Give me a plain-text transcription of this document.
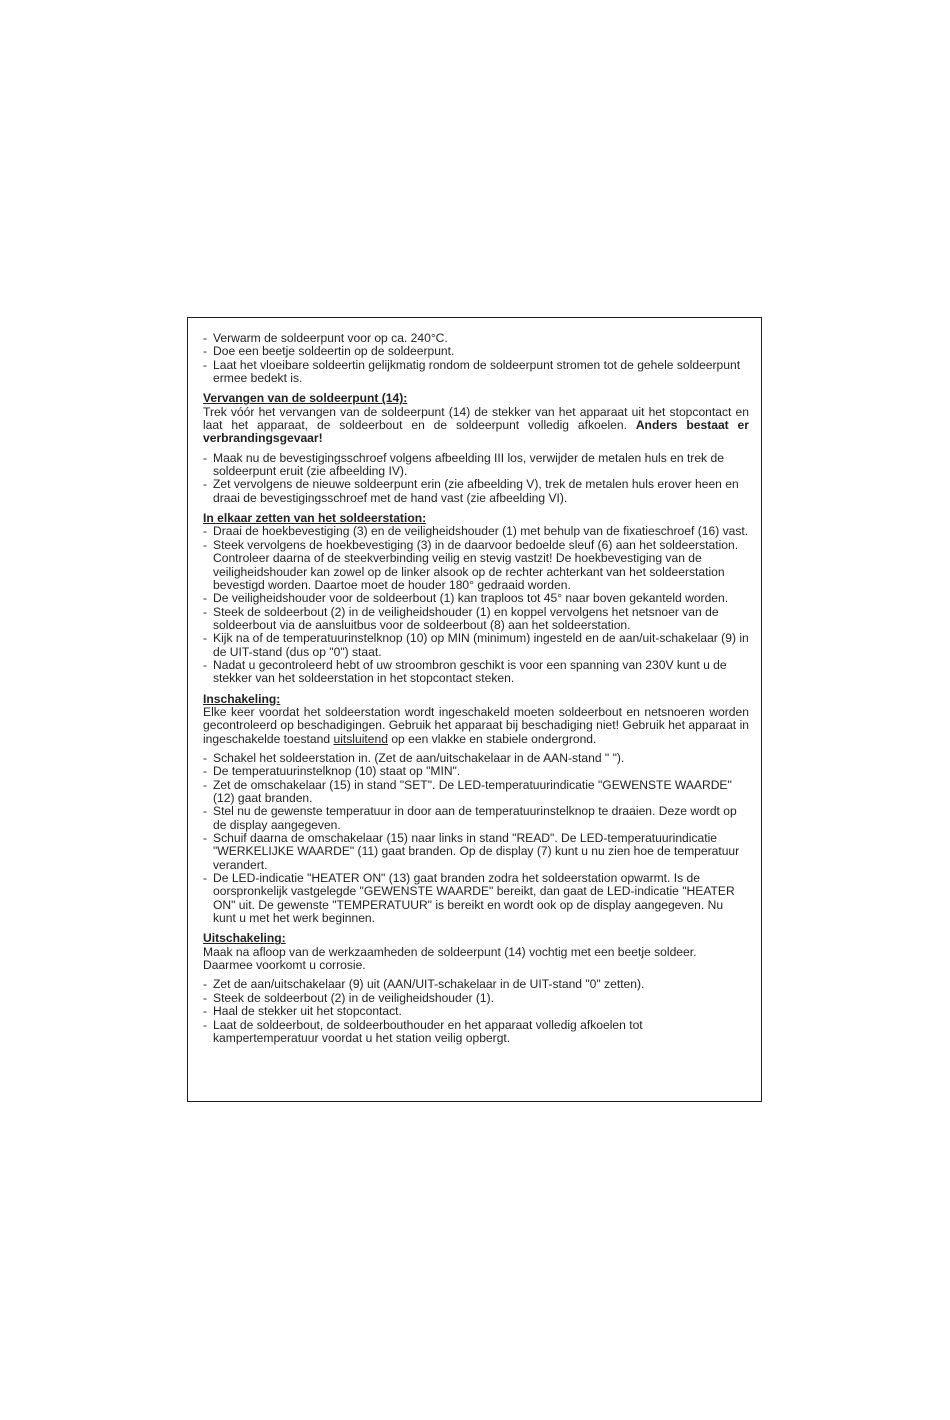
- Verwarm de soldeerpunt voor op ca. 240°C.
- Doe een beetje soldeertin op de soldeerpunt.
- Laat het vloeibare soldeertin gelijkmatig rondom de soldeerpunt stromen tot de gehele soldeerpunt ermee bedekt is.

Vervangen van de soldeerpunt (14):

Trek vóór het vervangen van de soldeerpunt (14) de stekker van het apparaat uit het stopcontact en laat het apparaat, de soldeerbout en de soldeerpunt volledig afkoelen. Anders bestaat er verbrandingsgevaar!

- Maak nu de bevestigingsschroef volgens afbeelding III los, verwijder de metalen huls en trek de soldeerpunt eruit (zie afbeelding IV).
- Zet vervolgens de nieuwe soldeerpunt erin (zie afbeelding V), trek de metalen huls erover heen en draai de bevestigingsschroef met de hand vast (zie afbeelding VI).

In elkaar zetten van het soldeerstation:

- Draai de hoekbevestiging (3) en de veiligheidshouder (1) met behulp van de fixatieschroef (16) vast.
- Steek vervolgens de hoekbevestiging (3) in de daarvoor bedoelde sleuf (6) aan het soldeerstation. Controleer daarna of de steekverbinding veilig en stevig vastzit! De hoekbevestiging van de veiligheidshouder kan zowel op de linker alsook op de rechter achterkant van het soldeerstation bevestigd worden. Daartoe moet de houder 180° gedraaid worden.
- De veiligheidshouder voor de soldeerbout (1) kan traploos tot 45° naar boven gekanteld worden.
- Steek de soldeerbout (2) in de veiligheidshouder (1) en koppel vervolgens het netsnoer van de soldeerbout via de aansluitbus voor de soldeerbout (8) aan het soldeerstation.
- Kijk na of de temperatuurinstelknop (10) op MIN (minimum) ingesteld en de aan/uit-schakelaar (9) in de UIT-stand (dus op "0") staat.
- Nadat u gecontroleerd hebt of uw stroombron geschikt is voor een spanning van 230V kunt u de stekker van het soldeerstation in het stopcontact steken.

Inschakeling:

Elke keer voordat het soldeerstation wordt ingeschakeld moeten soldeerbout en netsnoeren worden gecontroleerd op beschadigingen. Gebruik het apparaat bij beschadiging niet! Gebruik het apparaat in ingeschakelde toestand uitsluitend op een vlakke en stabiele ondergrond.

- Schakel het soldeerstation in. (Zet de aan/uitschakelaar in de AAN-stand " ").
- De temperatuurinstelknop (10) staat op "MIN".
- Zet de omschakelaar (15) in stand "SET". De LED-temperatuurindicatie "GEWENSTE WAARDE" (12) gaat branden.
- Stel nu de gewenste temperatuur in door aan de temperatuurinstelknop te draaien. Deze wordt op de display aangegeven.
- Schuif daarna de omschakelaar (15) naar links in stand "READ". De LED-temperatuurindicatie "WERKELIJKE WAARDE" (11) gaat branden. Op de display (7) kunt u nu zien hoe de temperatuur verandert.
- De LED-indicatie "HEATER ON" (13) gaat branden zodra het soldeerstation opwarmt. Is de oorspronkelijk vastgelegde "GEWENSTE WAARDE" bereikt, dan gaat de LED-indicatie "HEATER ON" uit. De gewenste "TEMPERATUUR" is bereikt en wordt ook op de display aangegeven. Nu kunt u met het werk beginnen.

Uitschakeling:

Maak na afloop van de werkzaamheden de soldeerpunt (14) vochtig met een beetje soldeer. Daarmee voorkomt u corrosie.

- Zet de aan/uitschakelaar (9) uit (AAN/UIT-schakelaar in de UIT-stand "0" zetten).
- Steek de soldeerbout (2) in de veiligheidshouder (1).
- Haal de stekker uit het stopcontact.
- Laat de soldeerbout, de soldeerbouthouder en het apparaat volledig afkoelen tot kampertemperatuur voordat u het station veilig opbergt.
